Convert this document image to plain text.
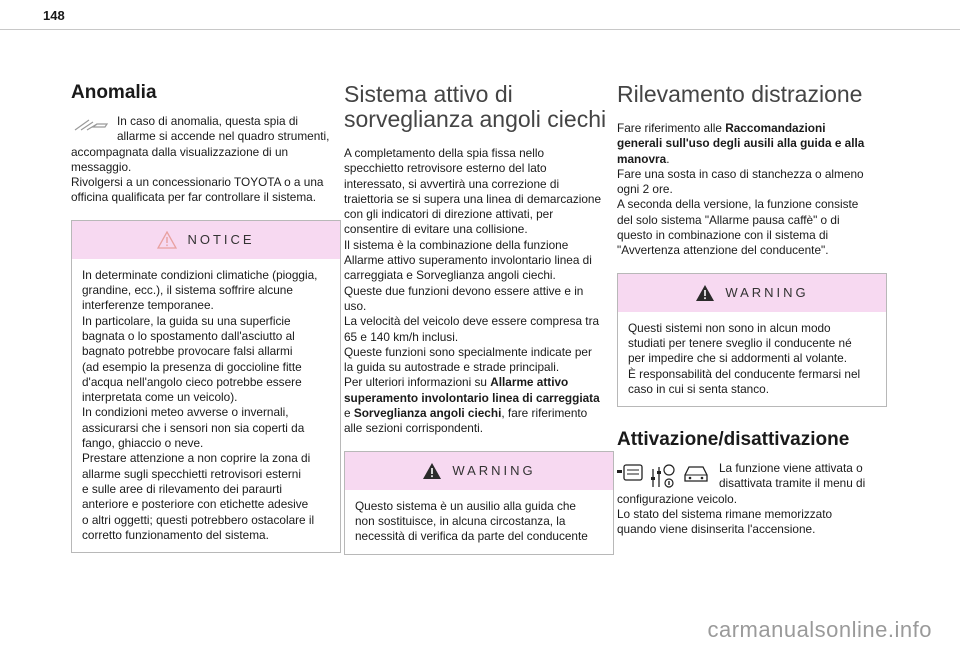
148
Anomalia

In caso di anomalia, questa spia di

allarme si accende nel quadro strumenti,

accompagnata dalla visualizzazione di un

messaggio.

Rivolgersi a un concessionario TOYOTA o a una

officina qualificata per far controllare il sistema.

NOTICE

In determinate condizioni climatiche (pioggia,

grandine, ecc.), il sistema soffrire alcune

interferenze temporanee.

In particolare, la guida su una superficie

bagnata o lo spostamento dall'asciutto al

bagnato potrebbe provocare falsi allarmi

(ad esempio la presenza di goccioline fitte

d'acqua nell'angolo cieco potrebbe essere

interpretata come un veicolo).

In condizioni meteo avverse o invernali,

assicurarsi che i sensori non sia coperti da

fango, ghiaccio o neve.

Prestare attenzione a non coprire la zona di

allarme sugli specchietti retrovisori esterni

e sulle aree di rilevamento dei paraurti

anteriore e posteriore con etichette adesive

o altri oggetti; questi potrebbero ostacolare il

corretto funzionamento del sistema.

Sistema attivo di
sorveglianza angoli ciechi

A completamento della spia fissa nello

specchietto retrovisore esterno del lato

interessato, si avvertirà una correzione di

traiettoria se si supera una linea di demarcazione

con gli indicatori di direzione attivati, per

consentire di evitare una collisione.

Il sistema è la combinazione della funzione

Allarme attivo superamento involontario linea di

carreggiata e Sorveglianza angoli ciechi.

Queste due funzioni devono essere attive e in

uso.

La velocità del veicolo deve essere compresa tra

65 e 140 km/h inclusi.

Queste funzioni sono specialmente indicate per

la guida su autostrade e strade principali.

Per ulteriori informazioni su Allarme attivo

superamento involontario linea di carreggiata

e Sorveglianza angoli ciechi, fare riferimento

alle sezioni corrispondenti.

WARNING

Questo sistema è un ausilio alla guida che

non sostituisce, in alcuna circostanza, la

necessità di verifica da parte del conducente

Rilevamento distrazione

Fare riferimento alle Raccomandazioni

generali sull'uso degli ausili alla guida e alla

manovra.

Fare una sosta in caso di stanchezza o almeno

ogni 2 ore.

A seconda della versione, la funzione consiste

del solo sistema "Allarme pausa caffè" o di

questo in combinazione con il sistema di

"Avvertenza attenzione del conducente".

WARNING

Questi sistemi non sono in alcun modo

studiati per tenere sveglio il conducente né

per impedire che si addormenti al volante.

È responsabilità del conducente fermarsi nel

caso in cui si senta stanco.

Attivazione/disattivazione

La funzione viene attivata o

disattivata tramite il menu di

configurazione veicolo.

Lo stato del sistema rimane memorizzato

quando viene disinserita l'accensione.

carmanualsonline.info
